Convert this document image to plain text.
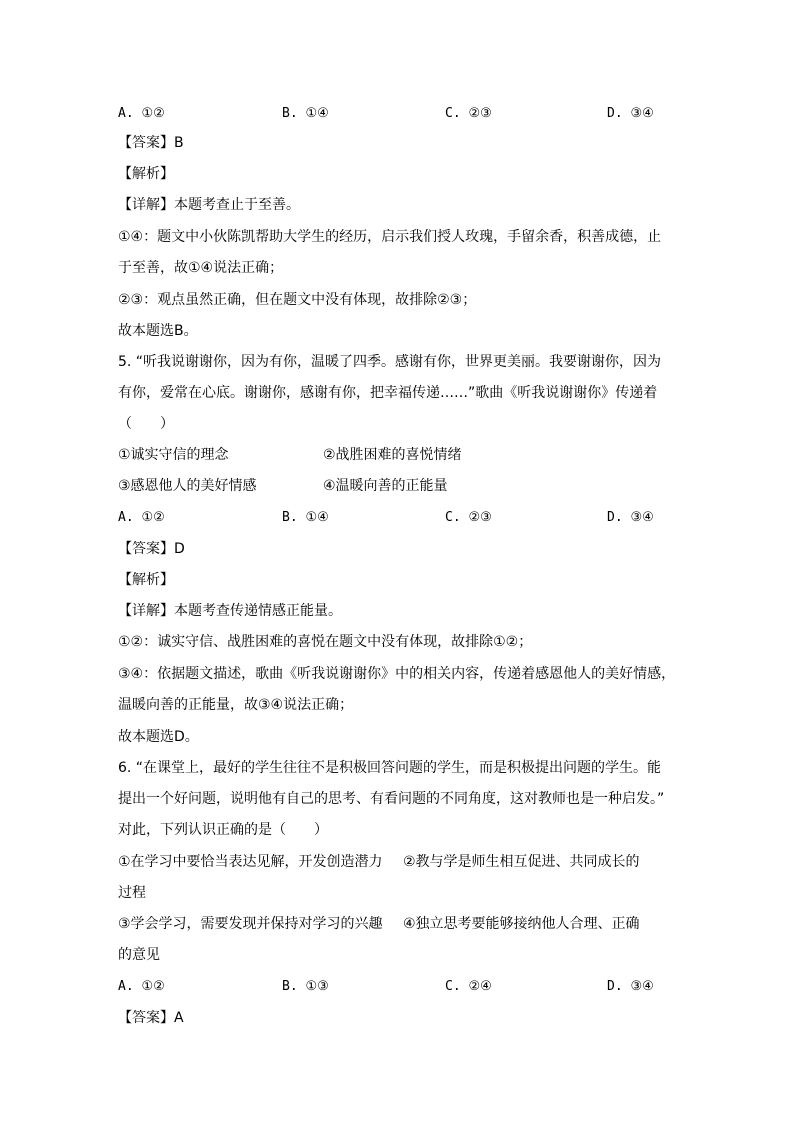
A. ①②	B. ①④	C. ②③	D. ③④
【答案】B
【解析】
【详解】本题考查止于至善。
①④：题文中小伙陈凯帮助大学生的经历，启示我们授人玫瑰，手留余香，积善成德，止
于至善，故①④说法正确；
②③：观点虽然正确，但在题文中没有体现，故排除②③；
故本题选B。
5. “听我说谢谢你，因为有你，温暖了四季。感谢有你，世界更美丽。我要谢谢你，因为
有你，爱常在心底。谢谢你，感谢有你，把幸福传递……”歌曲《听我说谢谢你》传递着
（　　）
①诚实守信的理念	②战胜困难的喜悦情绪
③感恩他人的美好情感	④温暖向善的正能量
A. ①②	B. ①④	C. ②③	D. ③④
【答案】D
【解析】
【详解】本题考查传递情感正能量。
①②：诚实守信、战胜困难的喜悦在题文中没有体现，故排除①②；
③④：依据题文描述，歌曲《听我说谢谢你》中的相关内容，传递着感恩他人的美好情感，
温暖向善的正能量，故③④说法正确；
故本题选D。
6. “在课堂上，最好的学生往往不是积极回答问题的学生，而是积极提出问题的学生。能
提出一个好问题，说明他有自己的思考、有看问题的不同角度，这对教师也是一种启发。”
对此，下列认识正确的是（　　）
①在学习中要恰当表达见解，开发创造潜力 ②教与学是师生相互促进、共同成长的
过程
③学会学习，需要发现并保持对学习的兴趣 ④独立思考要能够接纳他人合理、正确
的意见
A. ①②	B. ①③	C. ②④	D. ③④
【答案】A
